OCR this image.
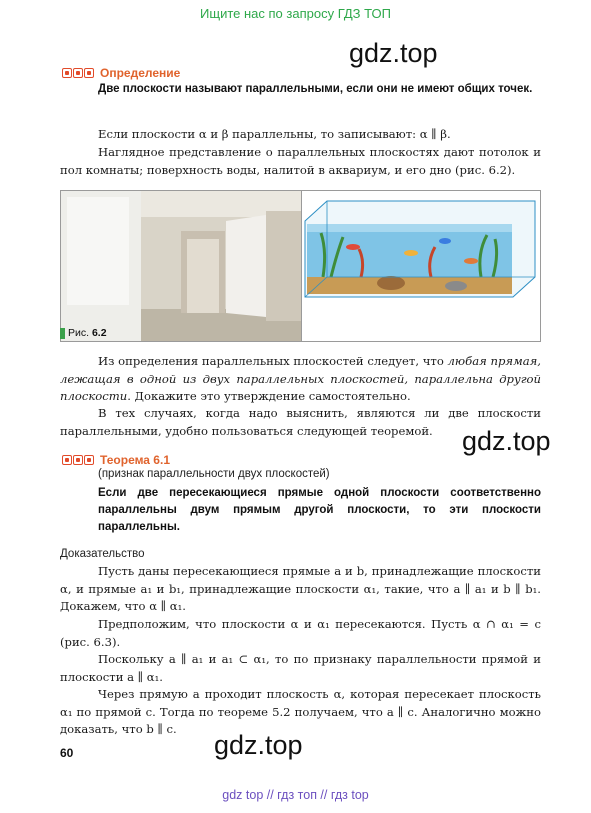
Ищите нас по запросу ГДЗ ТОП
gdz.top
gdz.top
gdz.top
Определение
Две плоскости называют параллельными, если они не имеют общих точек.
Если плоскости α и β параллельны, то записывают: α ∥ β.
Наглядное представление о параллельных плоскостях дают потолок и пол комнаты; поверхность воды, налитой в аквариум, и его дно (рис. 6.2).
Рис. 6.2
Из определения параллельных плоскостей следует, что любая прямая, лежащая в одной из двух параллельных плоскостей, параллельна другой плоскости. Докажите это утверждение самостоятельно.
В тех случаях, когда надо выяснить, являются ли две плоскости параллельными, удобно пользоваться следующей теоремой.
Теорема 6.1
(признак параллельности двух плоскостей)
Если две пересекающиеся прямые одной плоскости соответственно параллельны двум прямым другой плоскости, то эти плоскости параллельны.
Доказательство
Пусть даны пересекающиеся прямые a и b, принадлежащие плоскости α, и прямые a₁ и b₁, принадлежащие плоскости α₁, такие, что a ∥ a₁ и b ∥ b₁. Докажем, что α ∥ α₁.
Предположим, что плоскости α и α₁ пересекаются. Пусть α ∩ α₁ = c (рис. 6.3).
Поскольку a ∥ a₁ и a₁ ⊂ α₁, то по признаку параллельности прямой и плоскости a ∥ α₁.
Через прямую a проходит плоскость α, которая пересекает плоскость α₁ по прямой c. Тогда по теореме 5.2 получаем, что a ∥ c. Аналогично можно доказать, что b ∥ c.
60
gdz top // гдз топ // гдз top
